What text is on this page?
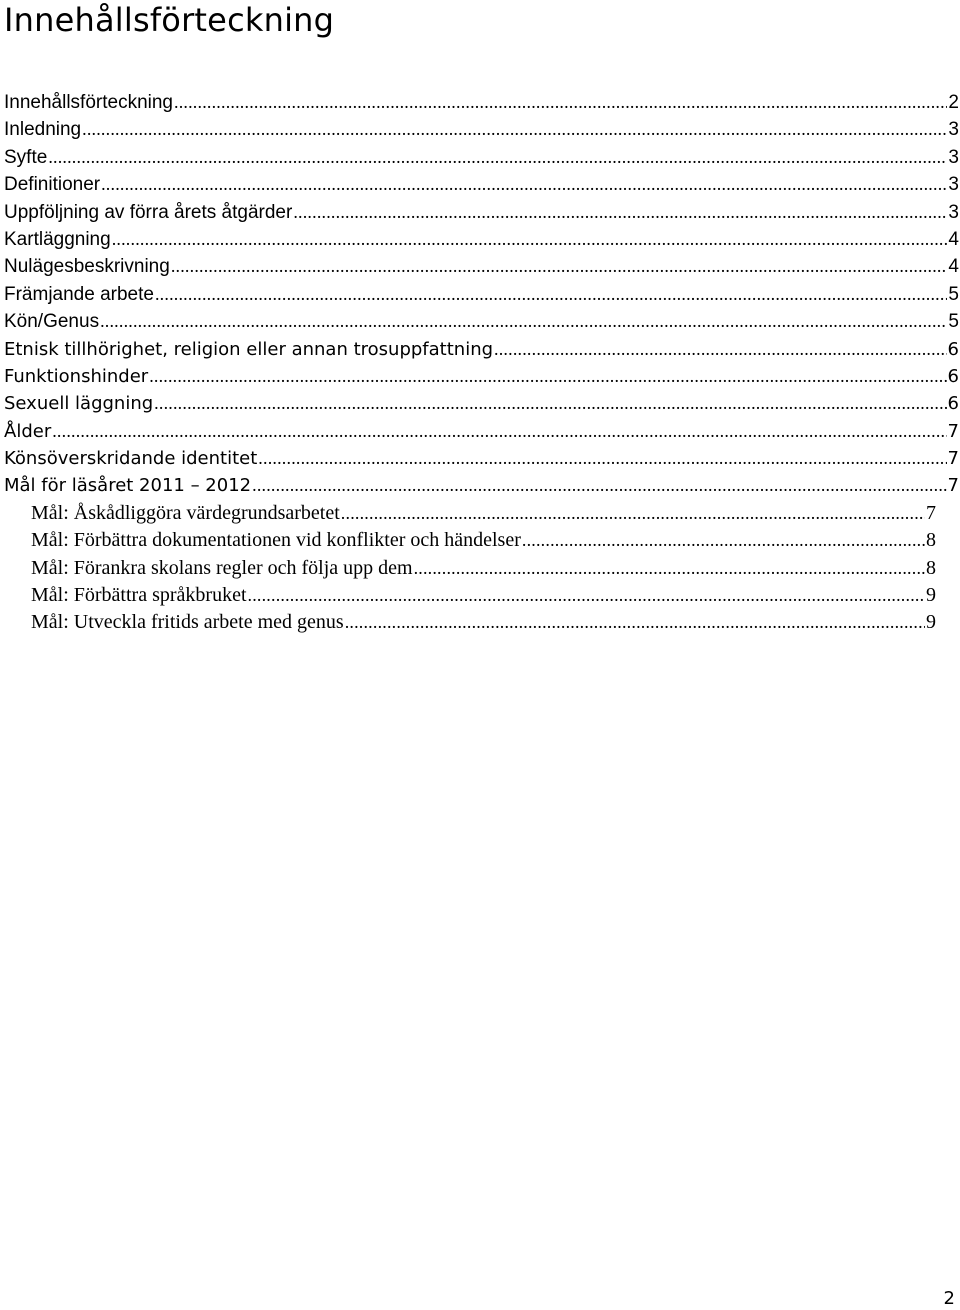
Innehållsförteckning
Innehållsförteckning .....	2
Inledning .....	3
Syfte .....	3
Definitioner .....	3
Uppföljning av förra årets åtgärder .....	3
Kartläggning .....	4
Nulägesbeskrivning .....	4
Främjande arbete .....	5
Kön/Genus .....	5
Etnisk tillhörighet, religion eller annan trosuppfattning .....	6
Funktionshinder .....	6
Sexuell läggning .....	6
Ålder .....	7
Könsöverskridande identitet .....	7
Mål för läsåret 2011 – 2012 .....	7
Mål: Åskådliggöra värdegrundsarbetet .....	7
Mål: Förbättra dokumentationen vid konflikter och händelser .....	8
Mål: Förankra skolans regler och följa upp dem .....	8
Mål: Förbättra språkbruket .....	9
Mål: Utveckla fritids arbete med genus .....	9

2
